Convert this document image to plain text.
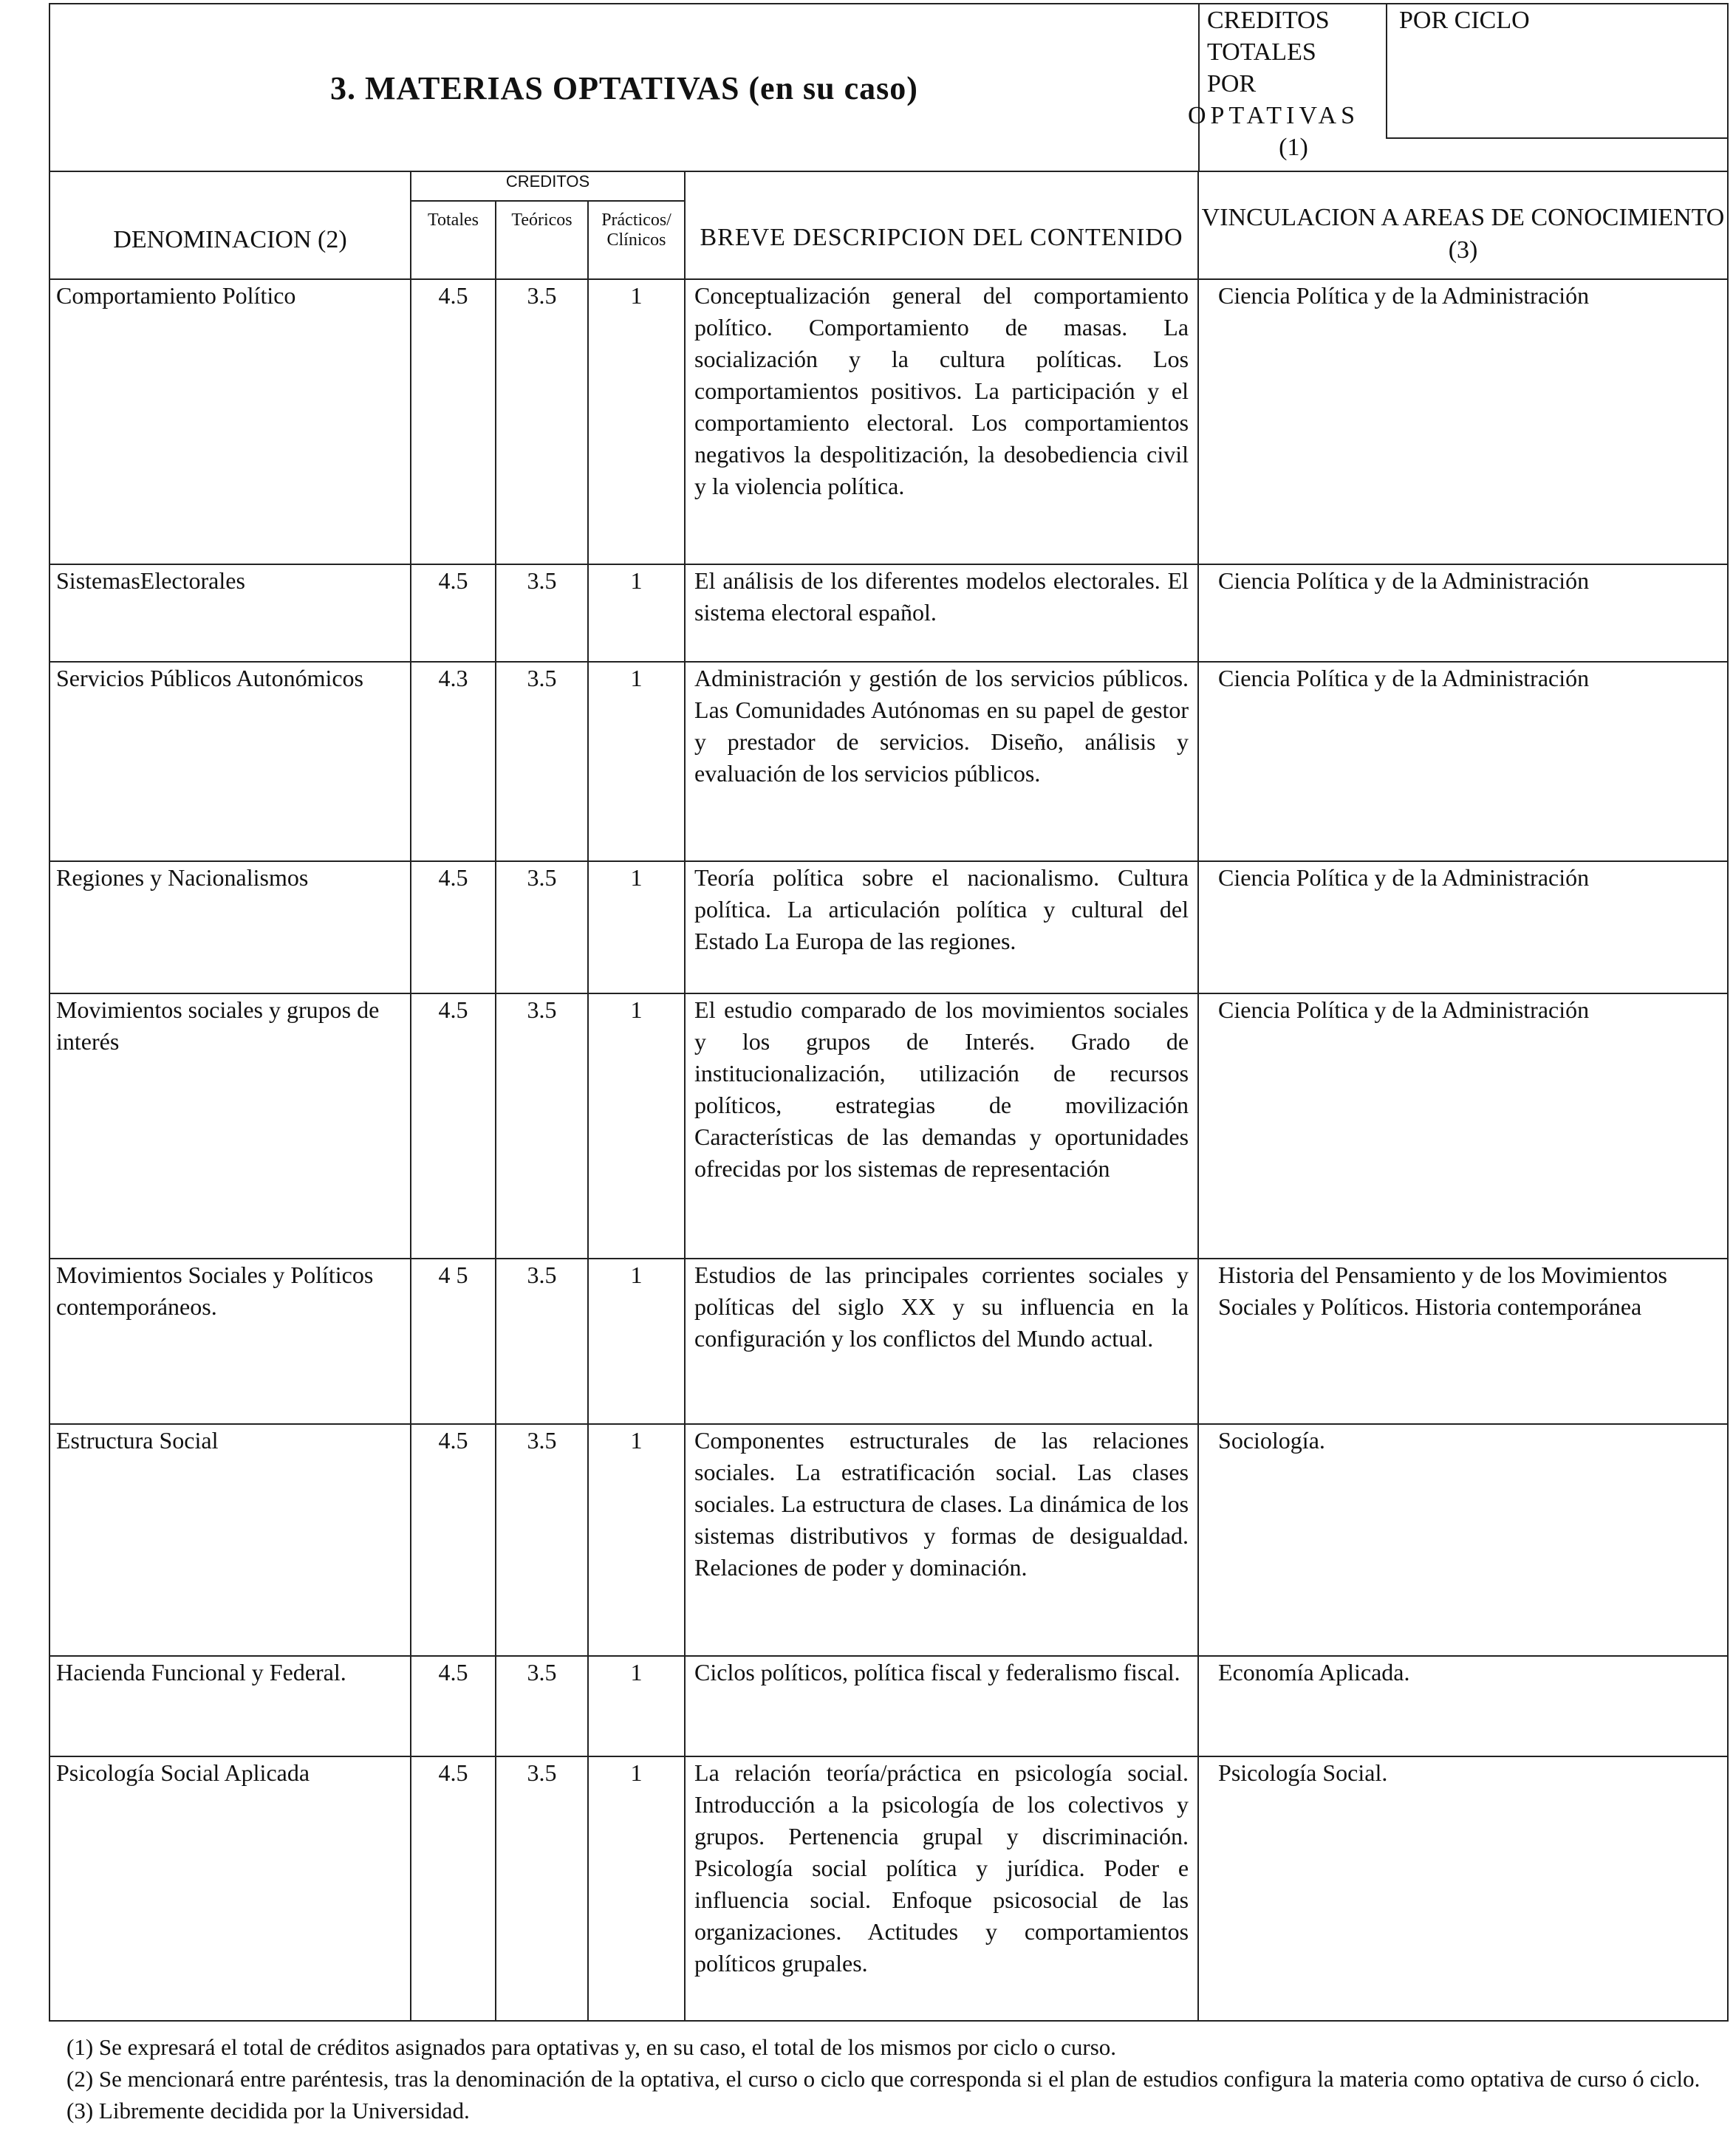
3. MATERIAS OPTATIVAS (en su caso)
CREDITOS
TOTALES
POR
OPTATIVAS
(1)
POR CICLO
DENOMINACION (2)	CREDITOS			BREVE DESCRIPCION DEL CONTENIDO	VINCULACION A AREAS DE CONOCIMIENTO (3)
	Totales	Teóricos	Prácticos/ Clínicos		
Comportamiento Político	4.5	3.5	1	Conceptualización general del comportamiento político. Comportamiento de masas. La socialización y la cultura políticas. Los comportamientos positivos. La participación y el comportamiento electoral. Los comportamientos negativos la despolitización, la desobediencia civil y la violencia política.	Ciencia Política y de la Administración
SistemasElectorales	4.5	3.5	1	El análisis de los diferentes modelos electorales. El sistema electoral español.	Ciencia Política y de la Administración
Servicios Públicos Autonómicos	4.3	3.5	1	Administración y gestión de los servicios públicos. Las Comunidades Autónomas en su papel de gestor y prestador de servicios. Diseño, análisis y evaluación de los servicios públicos.	Ciencia Política y de la Administración
Regiones y Nacionalismos	4.5	3.5	1	Teoría política sobre el nacionalismo. Cultura política. La articulación política y cultural del Estado La Europa de las regiones.	Ciencia Política y de la Administración
Movimientos sociales y grupos de interés	4.5	3.5	1	El estudio comparado de los movimientos sociales y los grupos de Interés. Grado de institucionalización, utilización de recursos políticos, estrategias de movilización Características de las demandas y oportunidades ofrecidas por los sistemas de representación	Ciencia Política y de la Administración
Movimientos Sociales y Políticos contemporáneos.	4 5	3.5	1	Estudios de las principales corrientes sociales y políticas del siglo XX y su influencia en la configuración y los conflictos del Mundo actual.	Historia del Pensamiento y de los Movimientos Sociales y Políticos. Historia contemporánea
Estructura Social	4.5	3.5	1	Componentes estructurales de las relaciones sociales. La estratificación social. Las clases sociales. La estructura de clases. La dinámica de los sistemas distributivos y formas de desigualdad. Relaciones de poder y dominación.	Sociología.
Hacienda Funcional y Federal.	4.5	3.5	1	Ciclos políticos, política fiscal y federalismo fiscal.	Economía Aplicada.
Psicología Social Aplicada	4.5	3.5	1	La relación teoría/práctica en psicología social. Introducción a la psicología de los colectivos y grupos. Pertenencia grupal y discriminación. Psicología social política y jurídica. Poder e influencia social. Enfoque psicosocial de las organizaciones. Actitudes y comportamientos políticos grupales.	Psicología Social.
(1) Se expresará el total de créditos asignados para optativas y, en su caso, el total de los mismos por ciclo o curso.
(2) Se mencionará entre paréntesis, tras la denominación de la optativa, el curso o ciclo que corresponda si el plan de estudios configura la materia como optativa de curso ó ciclo.
(3) Libremente decidida por la Universidad.
